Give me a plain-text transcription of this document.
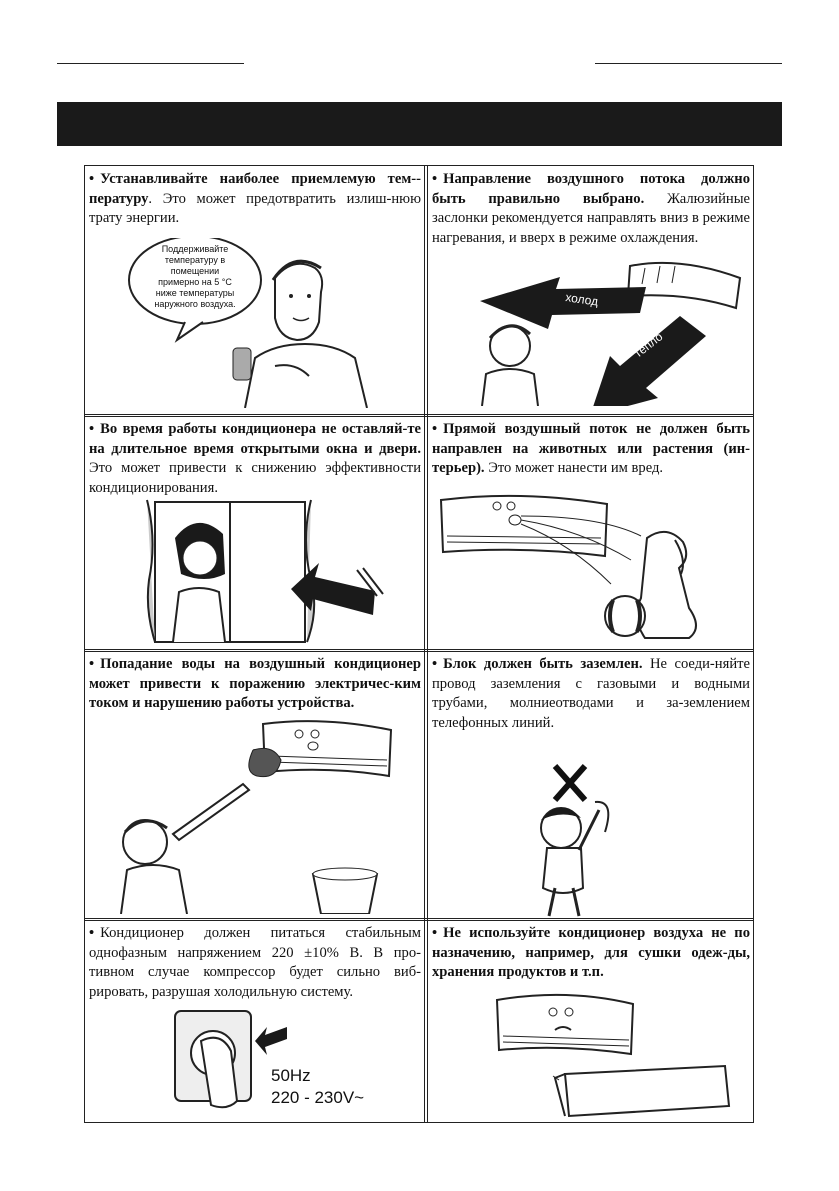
• Устанавливайте наиболее приемлемую тем-пературу. Это может предотвратить излиш-нюю трату энергии.
Поддерживайте
температуру в
помещении
примерно на 5 °C
ниже температуры
наружного воздуха.
• Направление воздушного потока должно быть правильно выбрано. Жалюзийные заслонки рекомендуется направлять вниз в режиме нагревания, и вверх в режиме охлаждения.
холод
тепло
• Во время работы кондиционера не оставляй-те на длительное время открытыми окна и двери. Это может привести к снижению эффективности кондиционирования.
• Прямой воздушный поток не должен быть направлен на животных или растения (ин-терьер). Это может нанести им вред.
• Попадание воды на воздушный кондиционер может привести к поражению электричес-ким током и нарушению работы устройства.
• Блок должен быть заземлен. Не соеди-няйте провод заземления с газовыми и водными трубами, молниеотводами и за-землением телефонных линий.
• Кондиционер должен питаться стабильным однофазным напряжением 220 ±10% В. В про-тивном случае компрессор будет сильно виб-рировать, разрушая холодильную систему.
50Hz
220 - 230V~
• Не используйте кондиционер воздуха не по назначению, например, для сушки одеж-ды, хранения продуктов и т.п.
